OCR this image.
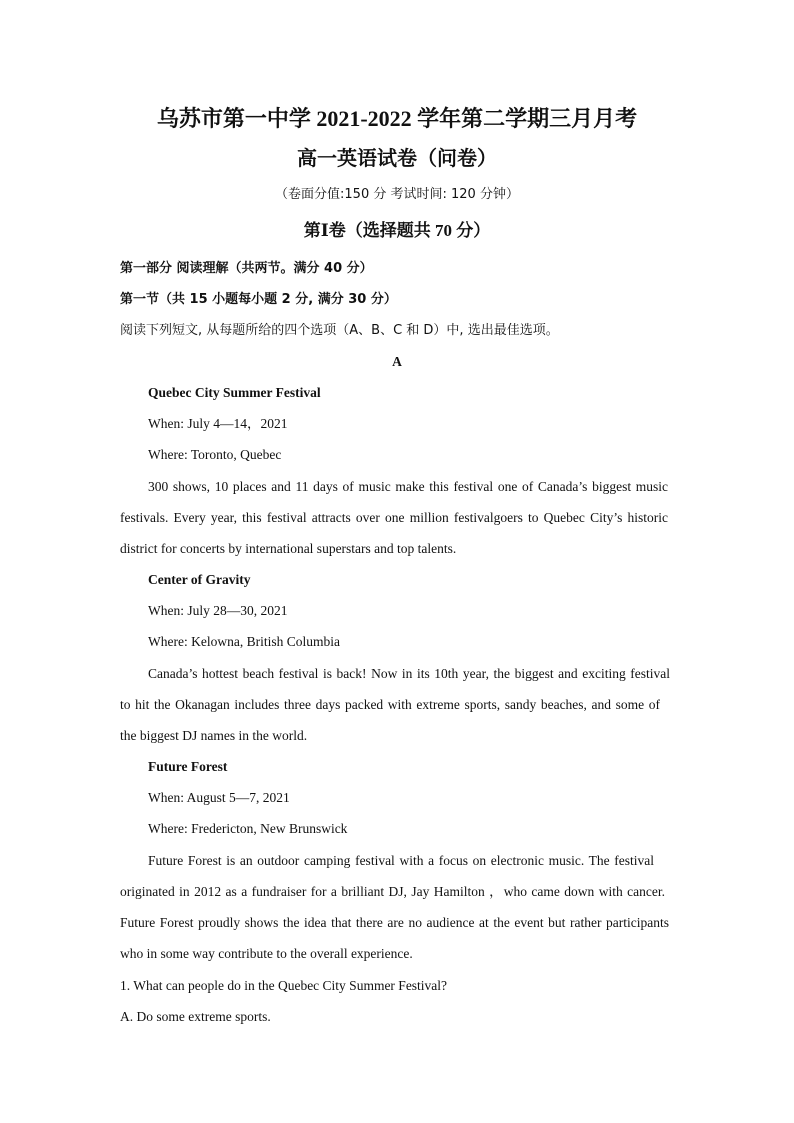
乌苏市第一中学 2021-2022 学年第二学期三月月考
高一英语试卷（问卷）
（卷面分值:150 分 考试时间: 120 分钟）
第Ⅰ卷（选择题共 70 分）
第一部分 阅读理解（共两节。满分 40 分）
第一节（共 15 小题每小题 2 分, 满分 30 分）
阅读下列短文, 从每题所给的四个选项（A、B、C 和 D）中, 选出最佳选项。
A
Quebec City Summer Festival
When: July 4—14，2021
Where: Toronto, Quebec
300 shows, 10 places and 11 days of music make this festival one of Canada’s biggest music
festivals. Every year, this festival attracts over one million festivalgoers to Quebec City’s historic
district for concerts by international superstars and top talents.
Center of Gravity
When: July 28—30, 2021
Where: Kelowna, British Columbia
Canada’s hottest beach festival is back! Now in its 10th year, the biggest and exciting festival
to hit the Okanagan includes three days packed with extreme sports, sandy beaches, and some of
the biggest DJ names in the world.
Future Forest
When: August 5—7, 2021
Where: Fredericton, New Brunswick
Future Forest is an outdoor camping festival with a focus on electronic music. The festival
originated in 2012 as a fundraiser for a brilliant DJ, Jay Hamilton ，who came down with cancer.
Future Forest proudly shows the idea that there are no audience at the event but rather participants
who in some way contribute to the overall experience.
1. What can people do in the Quebec City Summer Festival?
A. Do some extreme sports.
